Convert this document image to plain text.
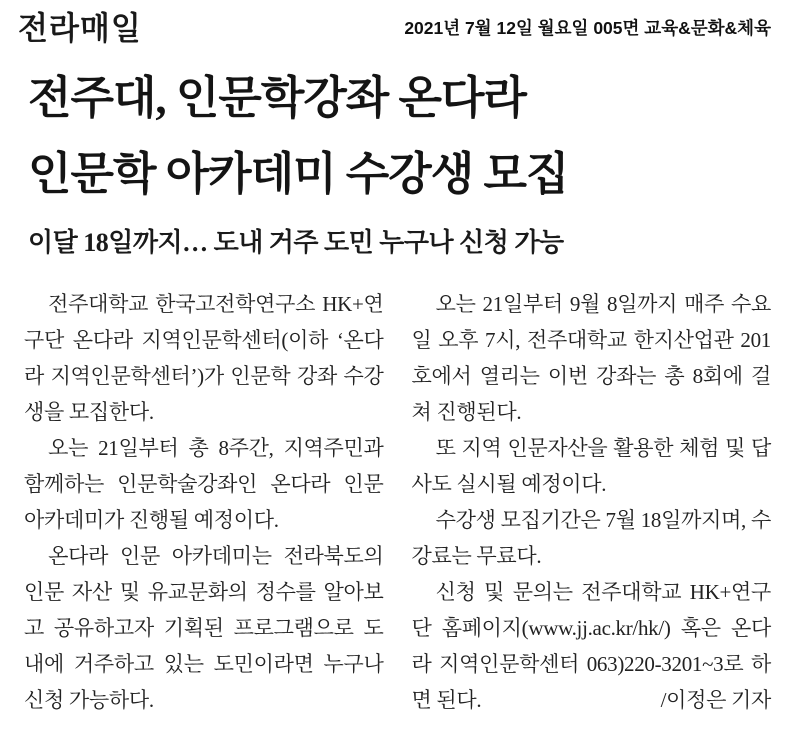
전라매일	2021년 7월 12일 월요일 005면 교육&문화&체육
전주대, 인문학강좌 온다라
인문학 아카데미 수강생 모집
이달 18일까지… 도내 거주 도민 누구나 신청 가능

전주대학교 한국고전학연구소 HK+연구단 온다라 지역인문학센터(이하 ‘온다라 지역인문학센터’)가 인문학 강좌 수강생을 모집한다.

오는 21일부터 총 8주간, 지역주민과 함께하는 인문학술강좌인 온다라 인문 아카데미가 진행될 예정이다.

온다라 인문 아카데미는 전라북도의 인문 자산 및 유교문화의 정수를 알아보고 공유하고자 기획된 프로그램으로 도내에 거주하고 있는 도민이라면 누구나 신청 가능하다.

오는 21일부터 9월 8일까지 매주 수요일 오후 7시, 전주대학교 한지산업관 201호에서 열리는 이번 강좌는 총 8회에 걸쳐 진행된다.

또 지역 인문자산을 활용한 체험 및 답사도 실시될 예정이다.

수강생 모집기간은 7월 18일까지며, 수강료는 무료다.

신청 및 문의는 전주대학교 HK+연구단 홈페이지(www.jj.ac.kr/hk/) 혹은 온다라 지역인문학센터 063)220-3201~3로 하면 된다.	/이정은 기자
